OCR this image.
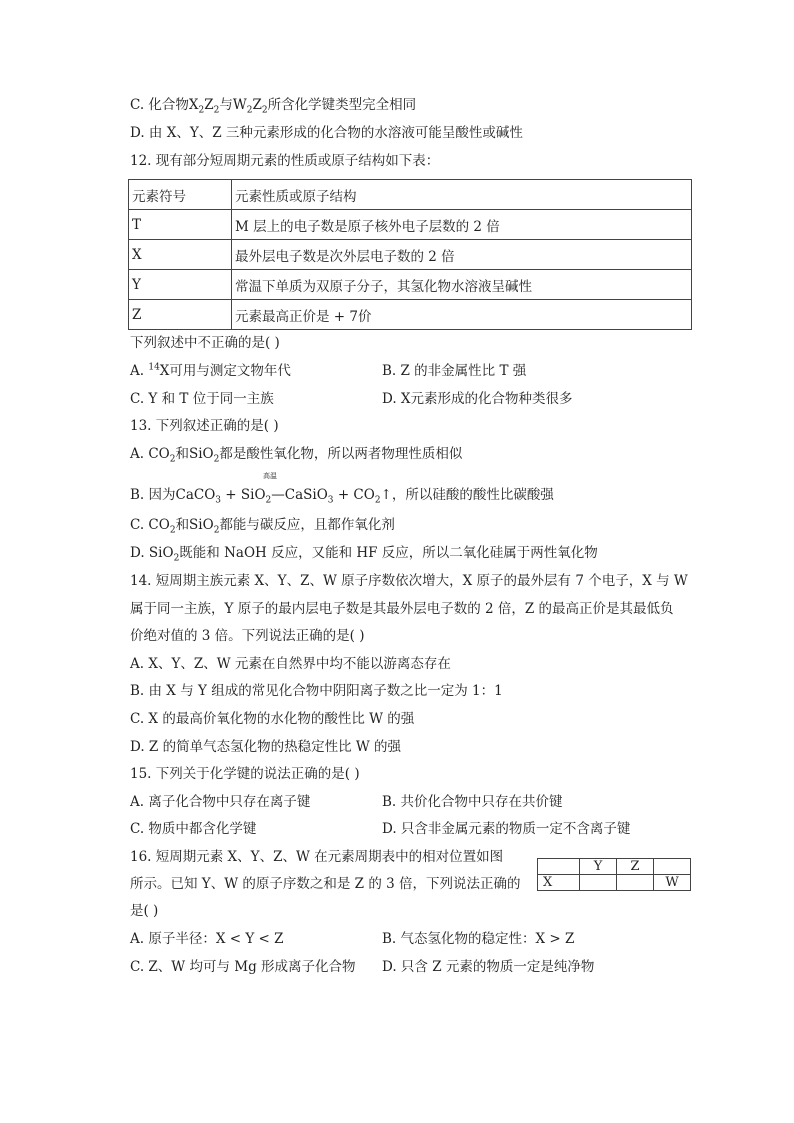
C. 化合物$X_2Z_2$与$W_2Z_2$所含化学键类型完全相同
D. 由 X、Y、Z 三种元素形成的化合物的水溶液可能呈酸性或碱性
12. 现有部分短周期元素的性质或原子结构如下表：
元素符号	元素性质或原子结构
T	M 层上的电子数是原子核外电子层数的 2 倍
X	最外层电子数是次外层电子数的 2 倍
Y	常温下单质为双原子分子，其氢化物水溶液呈碱性
Z	元素最高正价是 + 7价
下列叙述中不正确的是( )
A. $^{14}$X可用与测定文物年代	B. Z 的非金属性比 T 强
C. Y 和 T 位于同一主族	D. X元素形成的化合物种类很多
13. 下列叙述正确的是( )
A. $CO_2$和SiO$_2$都是酸性氧化物，所以两者物理性质相似
高温
B. 因为CaCO$_3$ + SiO$_2$—CaSiO$_3$ + $CO_2↑$，所以硅酸的酸性比碳酸强
C. $CO_2$和SiO$_2$都能与碳反应，且都作氧化剂
D. SiO$_2$既能和 NaOH 反应，又能和 HF 反应，所以二氧化硅属于两性氧化物
14. 短周期主族元素 X、Y、Z、W 原子序数依次增大，X 原子的最外层有 7 个电子，X 与 W
属于同一主族，Y 原子的最内层电子数是其最外层电子数的 2 倍，Z 的最高正价是其最低负
价绝对值的 3 倍。下列说法正确的是( )
A. X、Y、Z、W 元素在自然界中均不能以游离态存在
B. 由 X 与 Y 组成的常见化合物中阴阳离子数之比一定为 1：1
C. X 的最高价氧化物的水化物的酸性比 W 的强
D. Z 的简单气态氢化物的热稳定性比 W 的强
15. 下列关于化学键的说法正确的是( )
A. 离子化合物中只存在离子键	B. 共价化合物中只存在共价键
C. 物质中都含化学键	D. 只含非金属元素的物质一定不含离子键
16. 短周期元素 X、Y、Z、W 在元素周期表中的相对位置如图
所示。已知 Y、W 的原子序数之和是 Z 的 3 倍，下列说法正确的
是( )
	Y	Z	
X			W
A. 原子半径：X < Y < Z	B. 气态氢化物的稳定性：X > Z
C. Z、W 均可与 Mg 形成离子化合物 D. 只含 Z 元素的物质一定是纯净物
